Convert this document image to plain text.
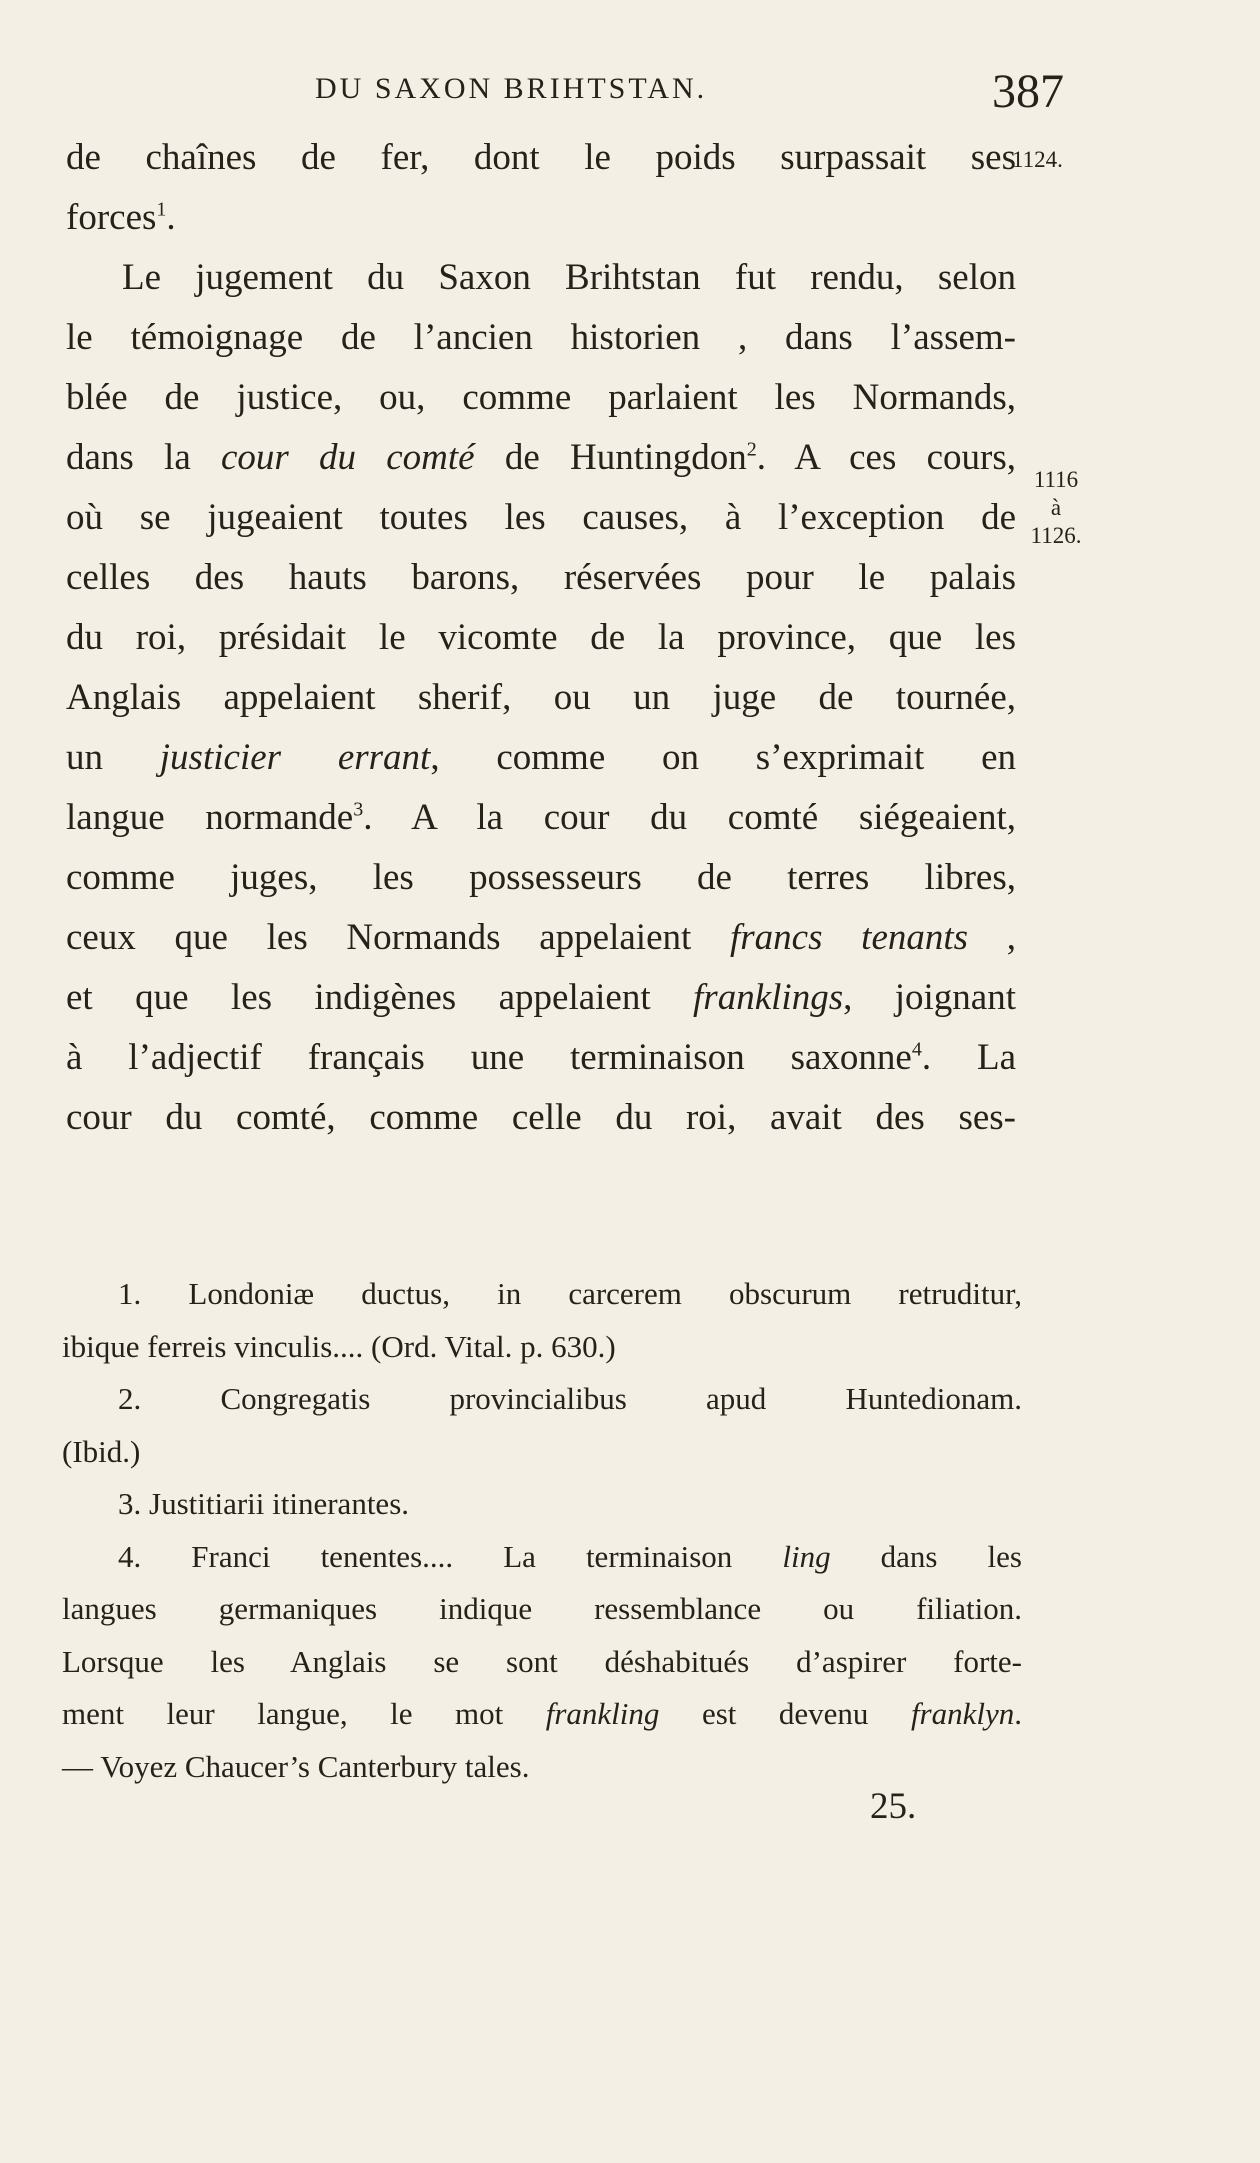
DU SAXON BRIHTSTAN.	387
1124.
1116
à
1126.
de chaînes de fer, dont le poids surpassait ses
forces$^1$.
Le jugement du Saxon Brihtstan fut rendu, selon
le témoignage de l’ancien historien , dans l’assem-
blée de justice, ou, comme parlaient les Normands,
dans la cour du comté de Huntingdon$^2$. A ces cours,
où se jugeaient toutes les causes, à l’exception de
celles des hauts barons, réservées pour le palais
du roi, présidait le vicomte de la province, que les
Anglais appelaient sherif, ou un juge de tournée,
un justicier errant, comme on s’exprimait en
langue normande$^3$. A la cour du comté siégeaient,
comme juges, les possesseurs de terres libres,
ceux que les Normands appelaient francs tenants ,
et que les indigènes appelaient franklings, joignant
à l’adjectif français une terminaison saxonne$^4$. La
cour du comté, comme celle du roi, avait des ses-
1. Londoniæ ductus, in carcerem obscurum retruditur,
ibique ferreis vinculis.... (Ord. Vital. p. 630.)
2. Congregatis provincialibus apud Huntedionam.
(Ibid.)
3. Justitiarii itinerantes.
4. Franci tenentes.... La terminaison ling dans les
langues germaniques indique ressemblance ou filiation.
Lorsque les Anglais se sont déshabitués d’aspirer forte-
ment leur langue, le mot frankling est devenu franklyn.
— Voyez Chaucer’s Canterbury tales.
25.
